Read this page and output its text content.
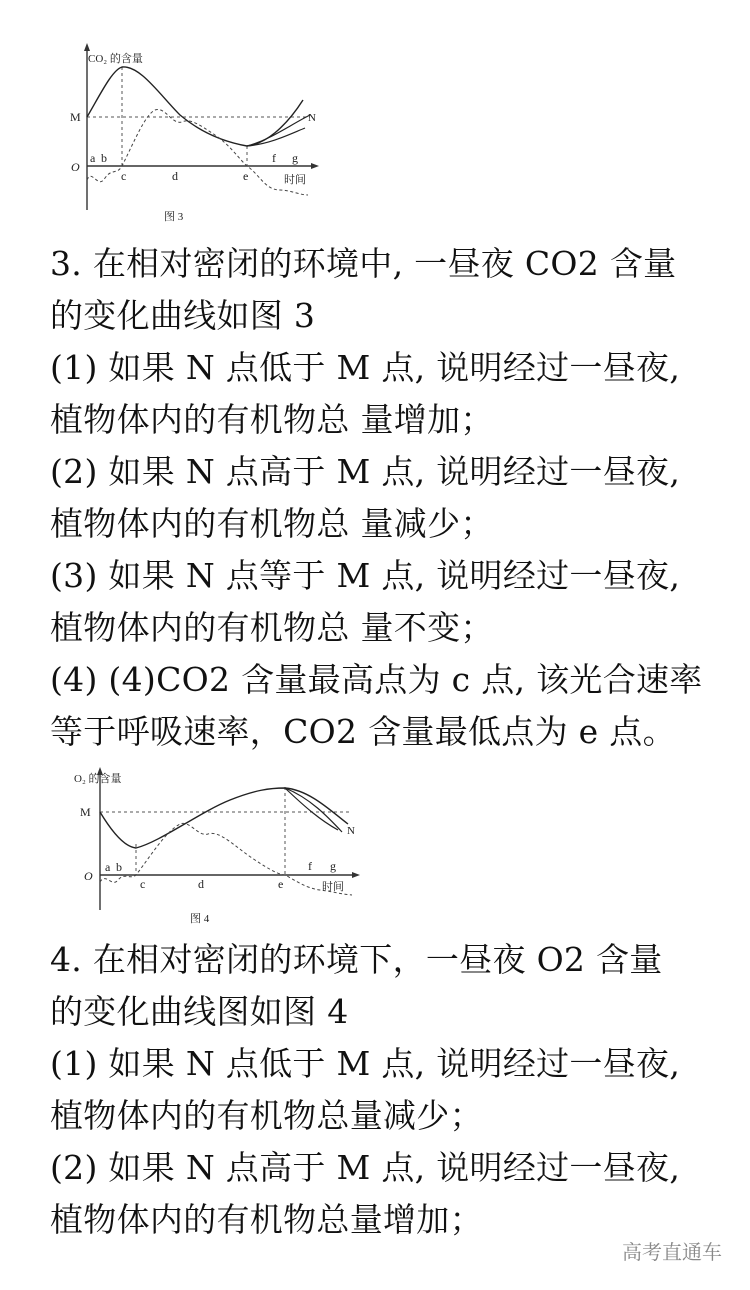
CO₂ 的含量
M	N
O
a b
c	d	e
f g
时间
图 3
3. 在相对密闭的环境中, 一昼夜 CO2 含量
的变化曲线如图 3
(1) 如果 N 点低于 M 点, 说明经过一昼夜,
植物体内的有机物总 量增加；
(2) 如果 N 点高于 M 点, 说明经过一昼夜,
植物体内的有机物总 量减少；
(3) 如果 N 点等于 M 点, 说明经过一昼夜,
植物体内的有机物总 量不变；
(4) (4)CO2 含量最高点为 c 点, 该光合速率
等于呼吸速率，CO2 含量最低点为 e 点。
O₂ 的含量
M
N
O
a b
c	d	e
f g
时间
图 4
4. 在相对密闭的环境下，一昼夜 O2 含量
的变化曲线图如图 4
(1) 如果 N 点低于 M 点, 说明经过一昼夜,
植物体内的有机物总量减少；
(2) 如果 N 点高于 M 点, 说明经过一昼夜,
植物体内的有机物总量增加；
高考直通车
